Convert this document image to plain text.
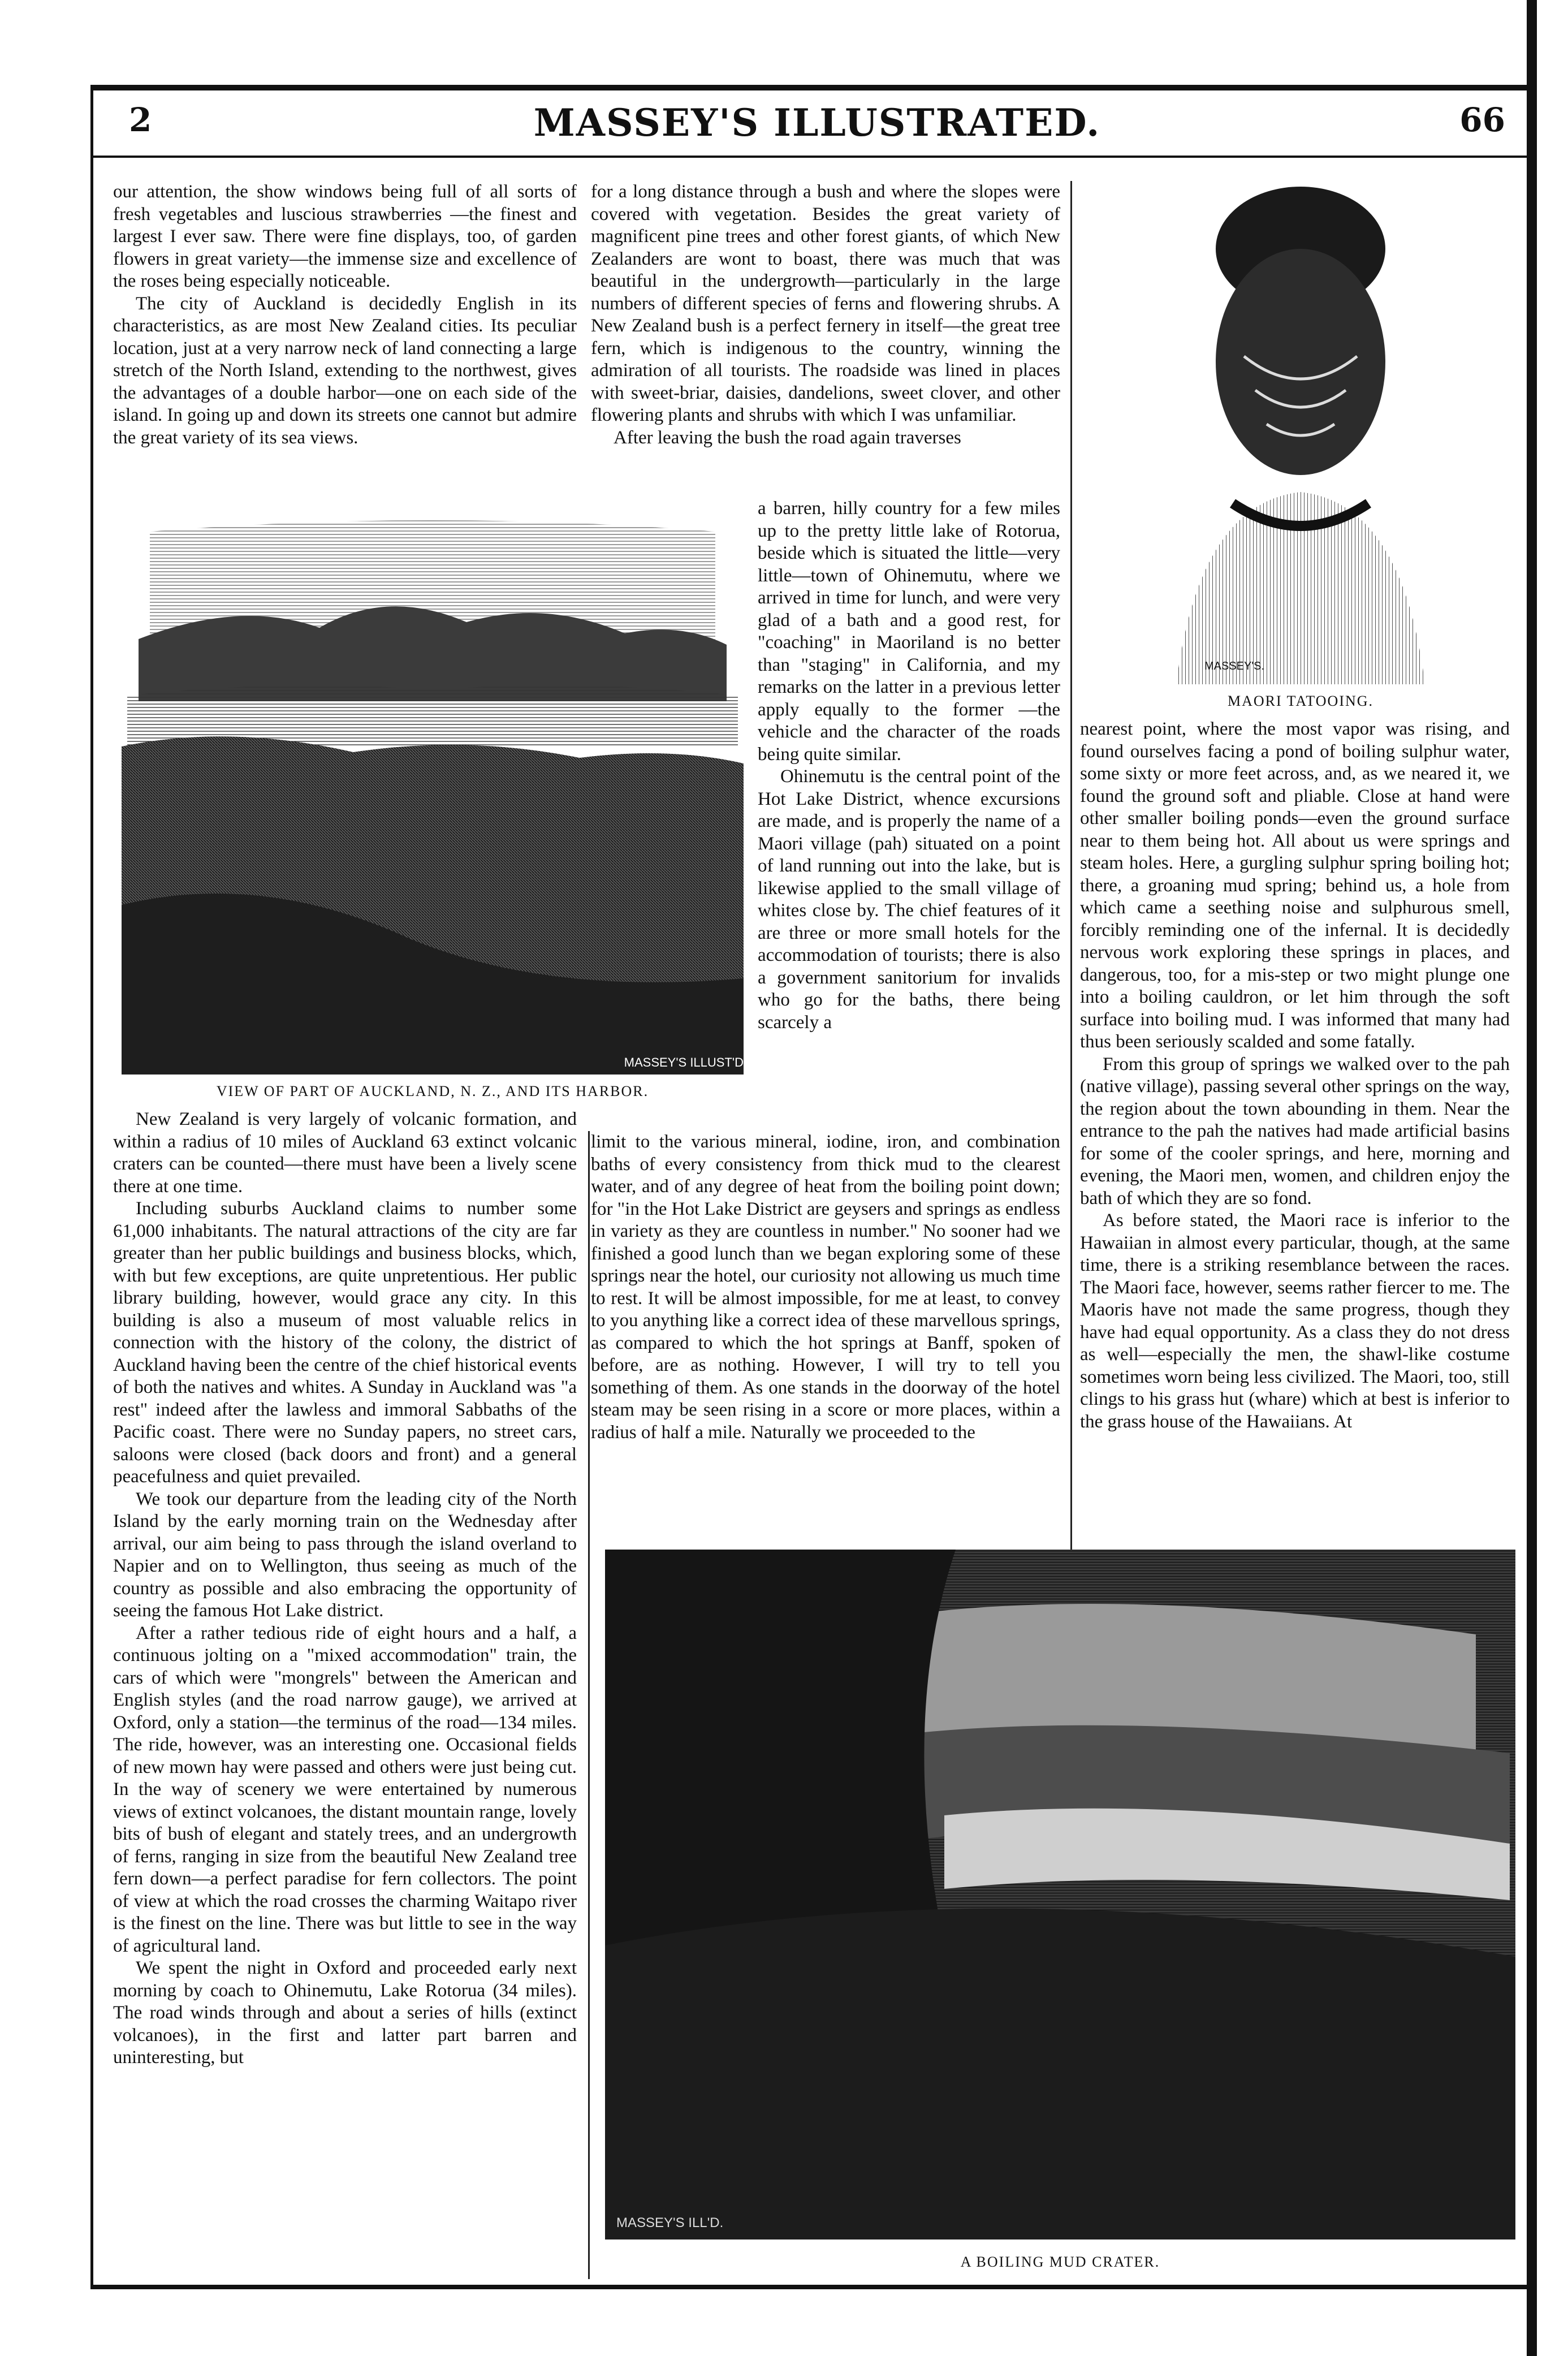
2	MASSEY'S ILLUSTRATED.	66

our attention, the show windows being full of all sorts of fresh vegetables and luscious strawberries —the finest and largest I ever saw. There were fine displays, too, of garden flowers in great variety—the immense size and excellence of the roses being especially noticeable.

The city of Auckland is decidedly English in its characteristics, as are most New Zealand cities. Its peculiar location, just at a very narrow neck of land connecting a large stretch of the North Island, extending to the northwest, gives the advantages of a double harbor—one on each side of the island. In going up and down its streets one cannot but admire the great variety of its sea views.

MASSEY'S ILLUST'D
VIEW OF PART OF AUCKLAND, N. Z., AND ITS HARBOR.

New Zealand is very largely of volcanic formation, and within a radius of 10 miles of Auckland 63 extinct volcanic craters can be counted—there must have been a lively scene there at one time.

Including suburbs Auckland claims to number some 61,000 inhabitants. The natural attractions of the city are far greater than her public buildings and business blocks, which, with but few exceptions, are quite unpretentious. Her public library building, however, would grace any city. In this building is also a museum of most valuable relics in connection with the history of the colony, the district of Auckland having been the centre of the chief historical events of both the natives and whites. A Sunday in Auckland was "a rest" indeed after the lawless and immoral Sabbaths of the Pacific coast. There were no Sunday papers, no street cars, saloons were closed (back doors and front) and a general peacefulness and quiet prevailed.

We took our departure from the leading city of the North Island by the early morning train on the Wednesday after arrival, our aim being to pass through the island overland to Napier and on to Wellington, thus seeing as much of the country as possible and also embracing the opportunity of seeing the famous Hot Lake district.

After a rather tedious ride of eight hours and a half, a continuous jolting on a "mixed accommodation" train, the cars of which were "mongrels" between the American and English styles (and the road narrow gauge), we arrived at Oxford, only a station—the terminus of the road—134 miles. The ride, however, was an interesting one. Occasional fields of new mown hay were passed and others were just being cut. In the way of scenery we were entertained by numerous views of extinct volcanoes, the distant mountain range, lovely bits of bush of elegant and stately trees, and an undergrowth of ferns, ranging in size from the beautiful New Zealand tree fern down—a perfect paradise for fern collectors. The point of view at which the road crosses the charming Waitapo river is the finest on the line. There was but little to see in the way of agricultural land.

We spent the night in Oxford and proceeded early next morning by coach to Ohinemutu, Lake Rotorua (34 miles). The road winds through and about a series of hills (extinct volcanoes), in the first and latter part barren and uninteresting, but

for a long distance through a bush and where the slopes were covered with vegetation. Besides the great variety of magnificent pine trees and other forest giants, of which New Zealanders are wont to boast, there was much that was beautiful in the undergrowth—particularly in the large numbers of different species of ferns and flowering shrubs. A New Zealand bush is a perfect fernery in itself—the great tree fern, which is indigenous to the country, winning the admiration of all tourists. The roadside was lined in places with sweet-briar, daisies, dandelions, sweet clover, and other flowering plants and shrubs with which I was unfamiliar.

After leaving the bush the road again traverses

a barren, hilly country for a few miles up to the pretty little lake of Rotorua, beside which is situated the little—very little—town of Ohinemutu, where we arrived in time for lunch, and were very glad of a bath and a good rest, for "coaching" in Maoriland is no better than "staging" in California, and my remarks on the latter in a previous letter apply equally to the former —the vehicle and the character of the roads being quite similar.

Ohinemutu is the central point of the Hot Lake District, whence excursions are made, and is properly the name of a Maori village (pah) situated on a point of land running out into the lake, but is likewise applied to the small village of whites close by. The chief features of it are three or more small hotels for the accommodation of tourists; there is also a government sanitorium for invalids who go for the baths, there being scarcely a

limit to the various mineral, iodine, iron, and combination baths of every consistency from thick mud to the clearest water, and of any degree of heat from the boiling point down; for "in the Hot Lake District are geysers and springs as endless in variety as they are countless in number." No sooner had we finished a good lunch than we began exploring some of these springs near the hotel, our curiosity not allowing us much time to rest. It will be almost impossible, for me at least, to convey to you anything like a correct idea of these marvellous springs, as compared to which the hot springs at Banff, spoken of before, are as nothing. However, I will try to tell you something of them. As one stands in the doorway of the hotel steam may be seen rising in a score or more places, within a radius of half a mile. Naturally we proceeded to the

MASSEY'S.
MAORI TATOOING.

nearest point, where the most vapor was rising, and found ourselves facing a pond of boiling sulphur water, some sixty or more feet across, and, as we neared it, we found the ground soft and pliable. Close at hand were other smaller boiling ponds—even the ground surface near to them being hot. All about us were springs and steam holes. Here, a gurgling sulphur spring boiling hot; there, a groaning mud spring; behind us, a hole from which came a seething noise and sulphurous smell, forcibly reminding one of the infernal. It is decidedly nervous work exploring these springs in places, and dangerous, too, for a mis-step or two might plunge one into a boiling cauldron, or let him through the soft surface into boiling mud. I was informed that many had thus been seriously scalded and some fatally.

From this group of springs we walked over to the pah (native village), passing several other springs on the way, the region about the town abounding in them. Near the entrance to the pah the natives had made artificial basins for some of the cooler springs, and here, morning and evening, the Maori men, women, and children enjoy the bath of which they are so fond.

As before stated, the Maori race is inferior to the Hawaiian in almost every particular, though, at the same time, there is a striking resemblance between the races. The Maori face, however, seems rather fiercer to me. The Maoris have not made the same progress, though they have had equal opportunity. As a class they do not dress as well—especially the men, the shawl-like costume sometimes worn being less civilized. The Maori, too, still clings to his grass hut (whare) which at best is inferior to the grass house of the Hawaiians. At

MASSEY'S ILL'D.
A BOILING MUD CRATER.
